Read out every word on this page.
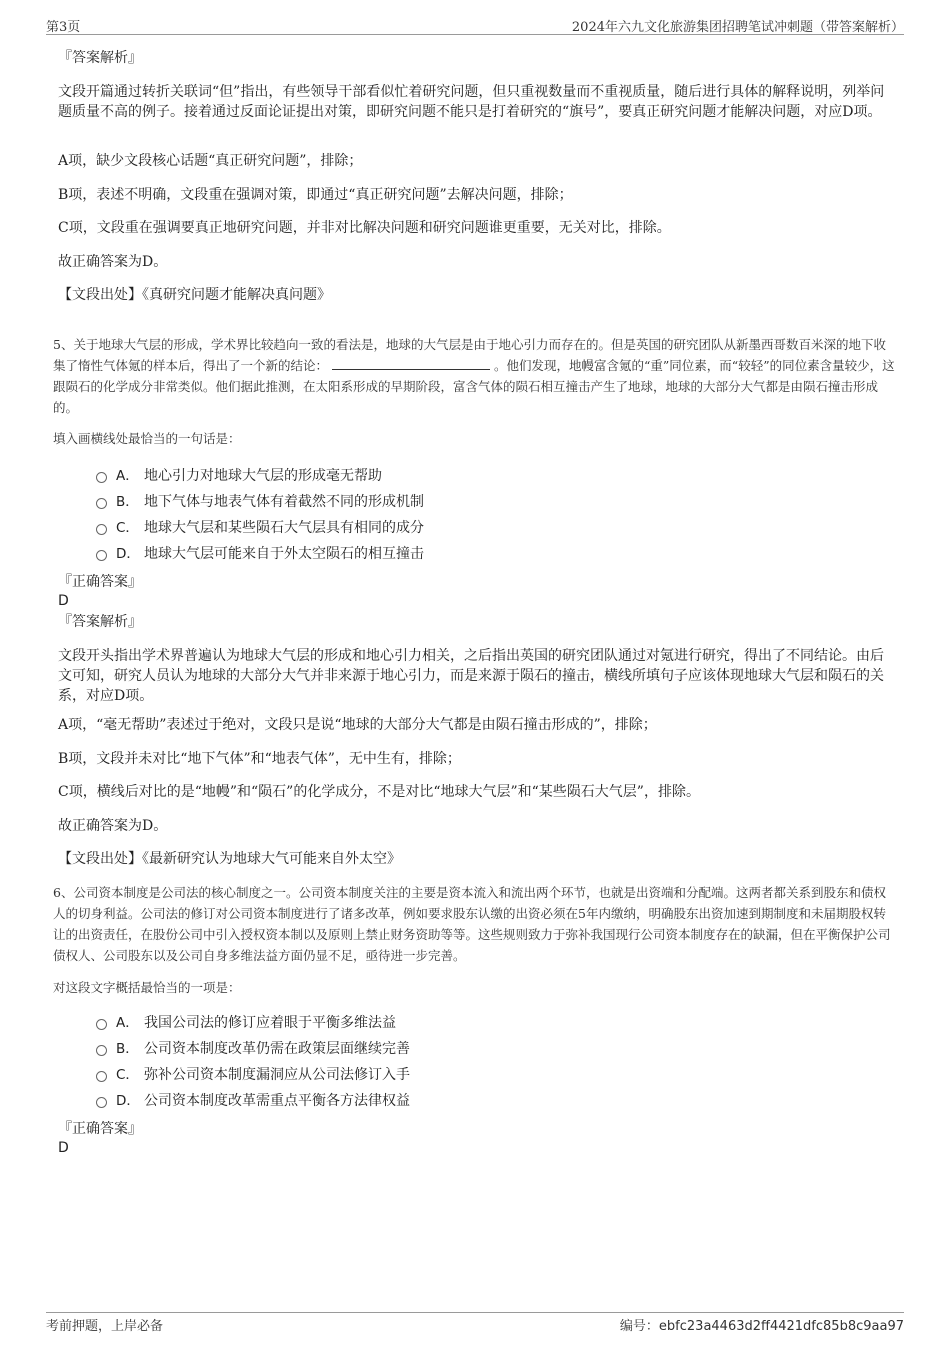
第3页	2024年六九文化旅游集团招聘笔试冲刺题（带答案解析）
『答案解析』
文段开篇通过转折关联词“但”指出，有些领导干部看似忙着研究问题，但只重视数量而不重视质量，随后进行具体的解释说明，列举问题质量不高的例子。接着通过反面论证提出对策，即研究问题不能只是打着研究的“旗号”，要真正研究问题才能解决问题，对应D项。
A项，缺少文段核心话题“真正研究问题”，排除；
B项，表述不明确，文段重在强调对策，即通过“真正研究问题”去解决问题，排除；
C项，文段重在强调要真正地研究问题，并非对比解决问题和研究问题谁更重要，无关对比，排除。
故正确答案为D。
【文段出处】《真研究问题才能解决真问题》
5、关于地球大气层的形成，学术界比较趋向一致的看法是，地球的大气层是由于地心引力而存在的。但是英国的研究团队从新墨西哥数百米深的地下收集了惰性气体氪的样本后，得出了一个新的结论：	。他们发现，地幔富含氪的“重”同位素，而“较轻”的同位素含量较少，这跟陨石的化学成分非常类似。他们据此推测，在太阳系形成的早期阶段，富含气体的陨石相互撞击产生了地球，地球的大部分大气都是由陨石撞击形成的。
填入画横线处最恰当的一句话是：
A． 地心引力对地球大气层的形成毫无帮助
B． 地下气体与地表气体有着截然不同的形成机制
C． 地球大气层和某些陨石大气层具有相同的成分
D． 地球大气层可能来自于外太空陨石的相互撞击
『正确答案』
D
『答案解析』
文段开头指出学术界普遍认为地球大气层的形成和地心引力相关，之后指出英国的研究团队通过对氪进行研究，得出了不同结论。由后文可知，研究人员认为地球的大部分大气并非来源于地心引力，而是来源于陨石的撞击，横线所填句子应该体现地球大气层和陨石的关系，对应D项。
A项，“毫无帮助”表述过于绝对，文段只是说“地球的大部分大气都是由陨石撞击形成的”，排除；
B项，文段并未对比“地下气体”和“地表气体”，无中生有，排除；
C项，横线后对比的是“地幔”和“陨石”的化学成分，不是对比“地球大气层”和“某些陨石大气层”，排除。
故正确答案为D。
【文段出处】《最新研究认为地球大气可能来自外太空》
6、公司资本制度是公司法的核心制度之一。公司资本制度关注的主要是资本流入和流出两个环节，也就是出资端和分配端。这两者都关系到股东和债权人的切身利益。公司法的修订对公司资本制度进行了诸多改革，例如要求股东认缴的出资必须在5年内缴纳，明确股东出资加速到期制度和未届期股权转让的出资责任，在股份公司中引入授权资本制以及原则上禁止财务资助等等。这些规则致力于弥补我国现行公司资本制度存在的缺漏，但在平衡保护公司债权人、公司股东以及公司自身多维法益方面仍显不足，亟待进一步完善。
对这段文字概括最恰当的一项是：
A． 我国公司法的修订应着眼于平衡多维法益
B． 公司资本制度改革仍需在政策层面继续完善
C． 弥补公司资本制度漏洞应从公司法修订入手
D． 公司资本制度改革需重点平衡各方法律权益
『正确答案』
D
考前押题，上岸必备	编号：ebfc23a4463d2ff4421dfc85b8c9aa97
